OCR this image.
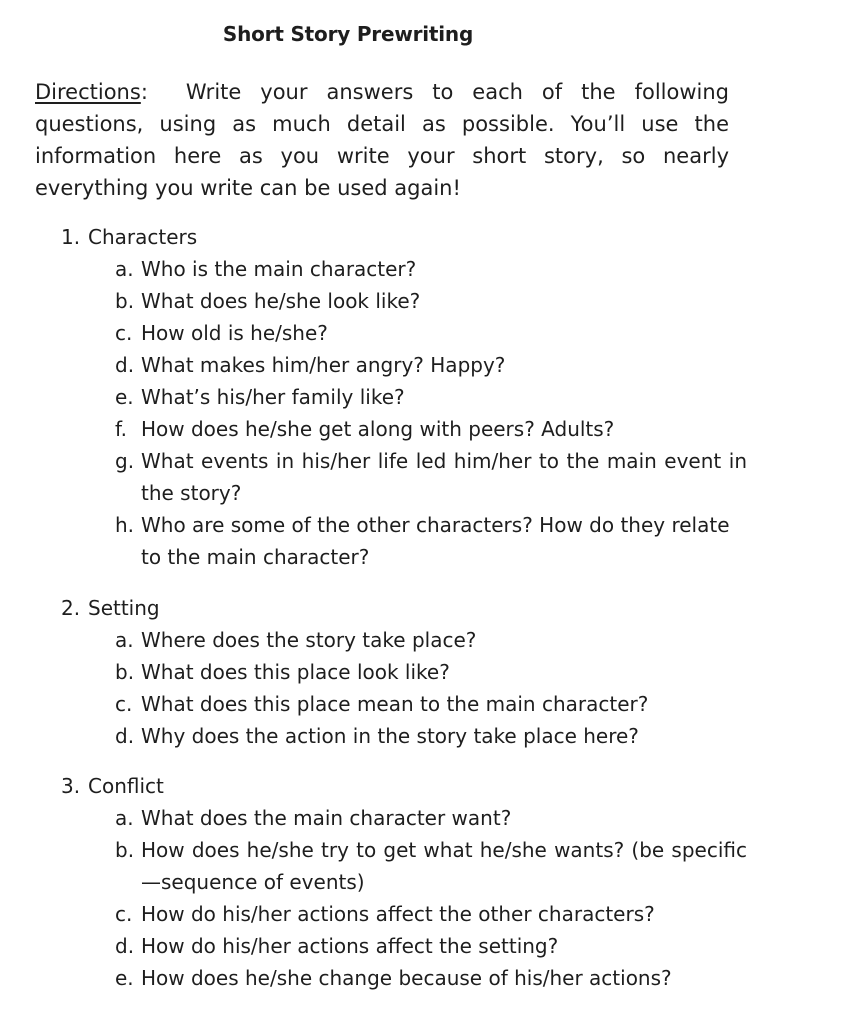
Short Story Prewriting
Directions: Write your answers to each of the following questions, using as much detail as possible. You’ll use the information here as you write your short story, so nearly everything you write can be used again!
1. Characters
a. Who is the main character?
b. What does he/she look like?
c. How old is he/she?
d. What makes him/her angry? Happy?
e. What’s his/her family like?
f. How does he/she get along with peers? Adults?
g. What events in his/her life led him/her to the main event in the story?
h. Who are some of the other characters? How do they relate to the main character?
2. Setting
a. Where does the story take place?
b. What does this place look like?
c. What does this place mean to the main character?
d. Why does the action in the story take place here?
3. Conflict
a. What does the main character want?
b. How does he/she try to get what he/she wants? (be specific—sequence of events)
c. How do his/her actions affect the other characters?
d. How do his/her actions affect the setting?
e. How does he/she change because of his/her actions?
